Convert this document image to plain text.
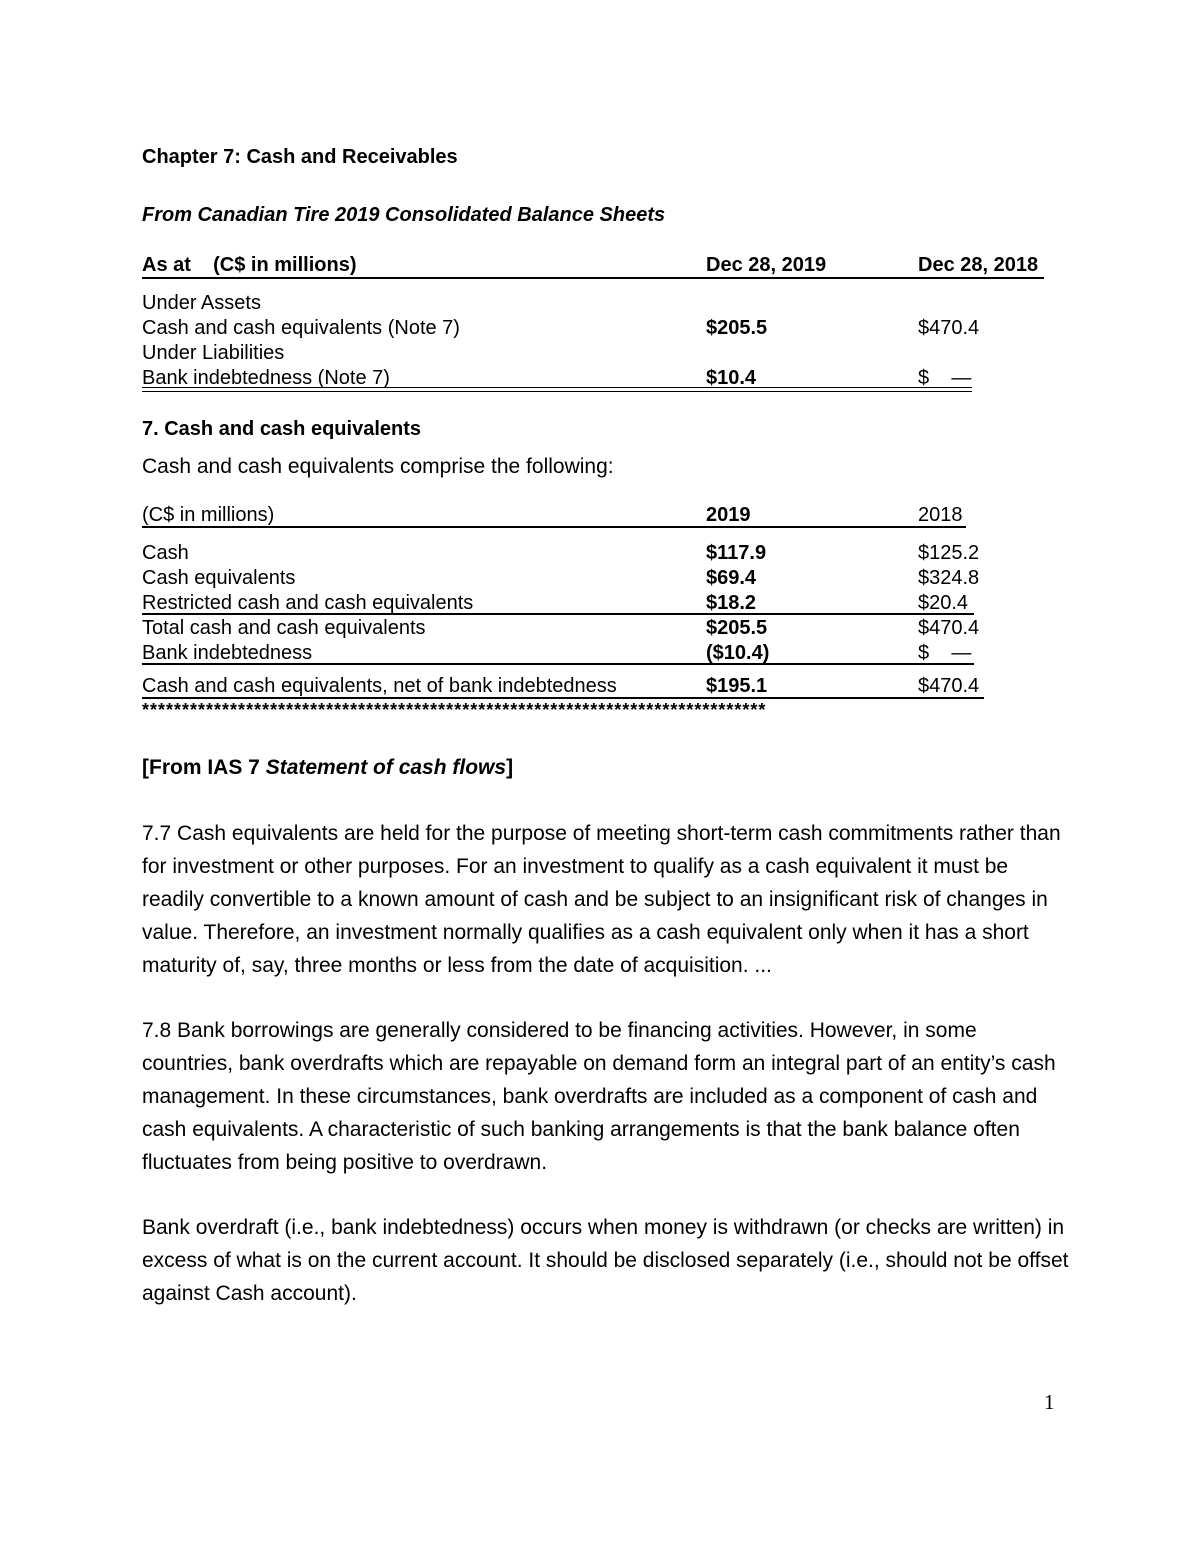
Chapter 7: Cash and Receivables
From Canadian Tire 2019 Consolidated Balance Sheets
As at    (C$ in millions)	Dec 28, 2019	Dec 28, 2018
Under Assets
Cash and cash equivalents (Note 7)	$205.5	$470.4
Under Liabilities
Bank indebtedness (Note 7)	$10.4	$    —
7. Cash and cash equivalents
Cash and cash equivalents comprise the following:
(C$ in millions)	2019	2018
Cash	$117.9	$125.2
Cash equivalents	$69.4	$324.8
Restricted cash and cash equivalents	$18.2	$20.4
Total cash and cash equivalents	$205.5	$470.4
Bank indebtedness	($10.4)	$    —
Cash and cash equivalents, net of bank indebtedness	$195.1	$470.4
******************************************************************************
[From IAS 7 Statement of cash flows]

7.7 Cash equivalents are held for the purpose of meeting short-term cash commitments rather than for investment or other purposes. For an investment to qualify as a cash equivalent it must be readily convertible to a known amount of cash and be subject to an insignificant risk of changes in value. Therefore, an investment normally qualifies as a cash equivalent only when it has a short maturity of, say, three months or less from the date of acquisition. ...

7.8 Bank borrowings are generally considered to be financing activities. However, in some countries, bank overdrafts which are repayable on demand form an integral part of an entity’s cash management. In these circumstances, bank overdrafts are included as a component of cash and cash equivalents. A characteristic of such banking arrangements is that the bank balance often fluctuates from being positive to overdrawn.

Bank overdraft (i.e., bank indebtedness) occurs when money is withdrawn (or checks are written) in excess of what is on the current account. It should be disclosed separately (i.e., should not be offset against Cash account).

1
